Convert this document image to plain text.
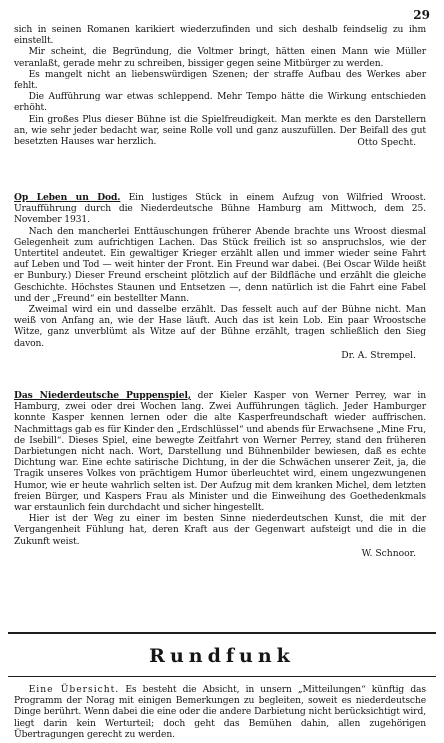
29

sich in seinen Romanen karikiert wiederzufinden und sich deshalb feindselig zu ihm einstellt.

Mir scheint, die Begründung, die Voltmer bringt, hätten einen Mann wie Müller veranlaßt, gerade mehr zu schreiben, bissiger gegen seine Mitbürger zu werden.

Es mangelt nicht an liebenswürdigen Szenen; der straffe Aufbau des Werkes aber fehlt.

Die Aufführung war etwas schleppend. Mehr Tempo hätte die Wirkung entschieden erhöht.

Ein großes Plus dieser Bühne ist die Spielfreudigkeit. Man merkte es den Darstellern an, wie sehr jeder bedacht war, seine Rolle voll und ganz auszufüllen. Der Beifall des gut besetzten Hauses war herzlich.	Otto Specht.

Op Leben un Dod. Ein lustiges Stück in einem Aufzug von Wilfried Wroost. Uraufführung durch die Niederdeutsche Bühne Hamburg am Mittwoch, dem 25. November 1931.

Nach den mancherlei Enttäuschungen früherer Abende brachte uns Wroost diesmal Gelegenheit zum aufrichtigen Lachen. Das Stück freilich ist so anspruchslos, wie der Untertitel andeutet. Ein gewaltiger Krieger erzählt allen und immer wieder seine Fahrt auf Leben und Tod — weit hinter der Front. Ein Freund war dabei. (Bei Oscar Wilde heißt er Bunbury.) Dieser Freund erscheint plötzlich auf der Bildfläche und erzählt die gleiche Geschichte. Höchstes Staunen und Entsetzen —, denn natürlich ist die Fahrt eine Fabel und der „Freund“ ein bestellter Mann.

Zweimal wird ein und dasselbe erzählt. Das fesselt auch auf der Bühne nicht. Man weiß von Anfang an, wie der Hase läuft. Auch das ist kein Lob. Ein paar Wroostsche Witze, ganz unverblümt als Witze auf der Bühne erzählt, tragen schließlich den Sieg davon.

Dr. A. Strempel.

Das Niederdeutsche Puppenspiel, der Kieler Kasper von Werner Perrey, war in Hamburg, zwei oder drei Wochen lang. Zwei Aufführungen täglich. Jeder Hamburger konnte Kasper kennen lernen oder die alte Kasperfreundschaft wieder auffrischen. Nachmittags gab es für Kinder den „Erdschlüssel“ und abends für Erwachsene „Mine Fru, de Isebill“. Dieses Spiel, eine bewegte Zeitfahrt von Werner Perrey, stand den früheren Darbietungen nicht nach. Wort, Darstellung und Bühnenbilder bewiesen, daß es echte Dichtung war. Eine echte satirische Dichtung, in der die Schwächen unserer Zeit, ja, die Tragik unseres Volkes von prächtigem Humor überleuchtet wird, einem ungezwungenen Humor, wie er heute wahrlich selten ist. Der Aufzug mit dem kranken Michel, dem letzten freien Bürger, und Kaspers Frau als Minister und die Einweihung des Goethedenkmals war erstaunlich fein durchdacht und sicher hingestellt.

Hier ist der Weg zu einer im besten Sinne niederdeutschen Kunst, die mit der Vergangenheit Fühlung hat, deren Kraft aus der Gegenwart aufsteigt und die in die Zukunft weist.

W. Schnoor.

Rundfunk

Eine Übersicht. Es besteht die Absicht, in unsern „Mitteilungen“ künftig das Programm der Norag mit einigen Bemerkungen zu begleiten, soweit es niederdeutsche Dinge berührt. Wenn dabei die eine oder die andere Darbietung nicht berücksichtigt wird, liegt darin kein Werturteil; doch geht das Bemühen dahin, allen zugehörigen Übertragungen gerecht zu werden.
